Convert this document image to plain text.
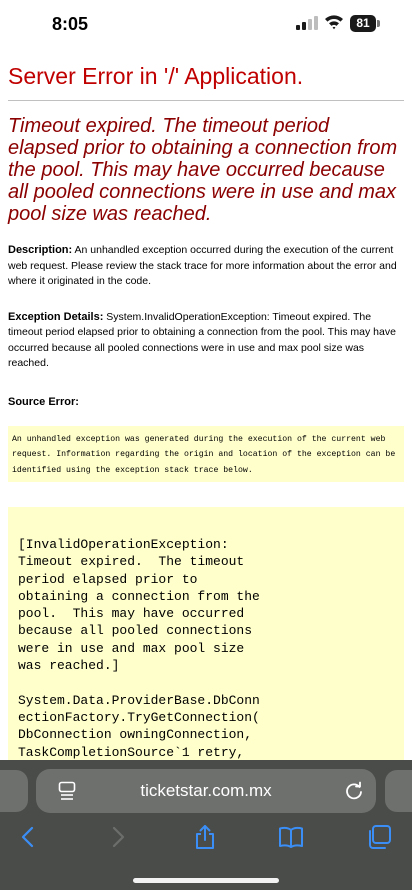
8:05	81
Server Error in '/' Application.
Timeout expired. The timeout period elapsed prior to obtaining a connection from the pool. This may have occurred because all pooled connections were in use and max pool size was reached.

Description: An unhandled exception occurred during the execution of the current web request. Please review the stack trace for more information about the error and where it originated in the code.

Exception Details: System.InvalidOperationException: Timeout expired. The timeout period elapsed prior to obtaining a connection from the pool. This may have occurred because all pooled connections were in use and max pool size was reached.

Source Error:

An unhandled exception was generated during the execution of the current web request. Information regarding the origin and location of the exception can be identified using the exception stack trace below.

[InvalidOperationException:
Timeout expired.  The timeout
period elapsed prior to
obtaining a connection from the
pool.  This may have occurred
because all pooled connections
were in use and max pool size
was reached.]

System.Data.ProviderBase.DbConn
ectionFactory.TryGetConnection(
DbConnection owningConnection,
TaskCompletionSource`1 retry,
ticketstar.com.mx
